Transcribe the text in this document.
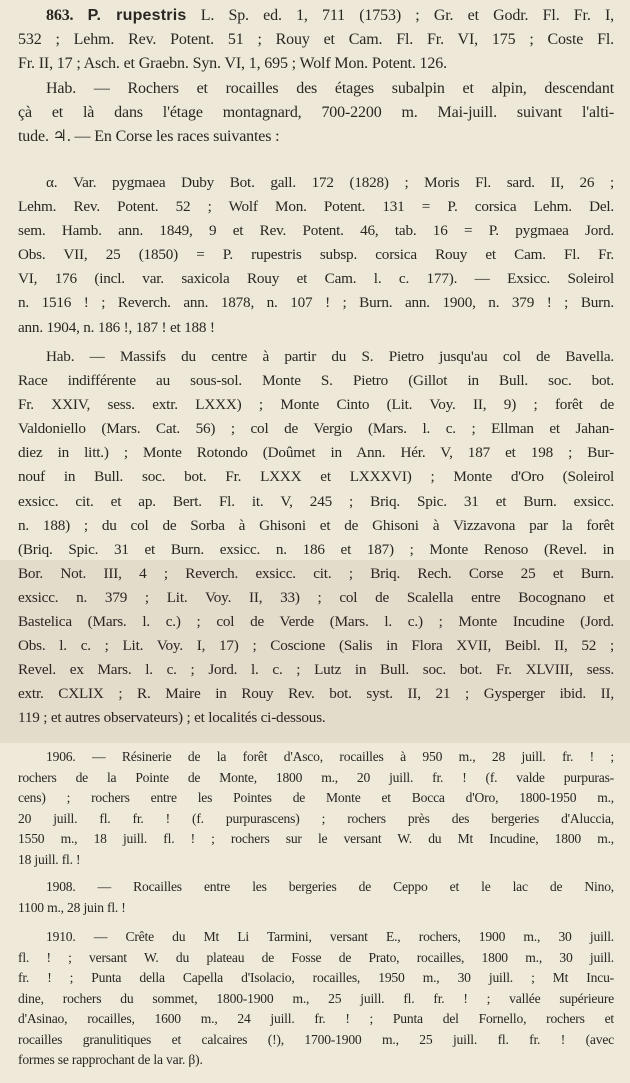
863. P. rupestris L. Sp. ed. 1, 711 (1753) ; Gr. et Godr. Fl. Fr. I,
532 ; Lehm. Rev. Potent. 51 ; Rouy et Cam. Fl. Fr. VI, 175 ; Coste Fl.
Fr. II, 17 ; Asch. et Graebn. Syn. VI, 1, 695 ; Wolf Mon. Potent. 126.
Hab. — Rochers et rocailles des étages subalpin et alpin, descendant
çà et là dans l'étage montagnard, 700-2200 m. Mai-juill. suivant l'alti-
tude. ♃. — En Corse les races suivantes :
α. Var. pygmaea Duby Bot. gall. 172 (1828) ; Moris Fl. sard. II, 26 ;
Lehm. Rev. Potent. 52 ; Wolf Mon. Potent. 131 = P. corsica Lehm. Del.
sem. Hamb. ann. 1849, 9 et Rev. Potent. 46, tab. 16 = P. pygmaea Jord.
Obs. VII, 25 (1850) = P. rupestris subsp. corsica Rouy et Cam. Fl. Fr.
VI, 176 (incl. var. saxicola Rouy et Cam. l. c. 177). — Exsicc. Soleirol
n. 1516 ! ; Reverch. ann. 1878, n. 107 ! ; Burn. ann. 1900, n. 379 ! ; Burn.
ann. 1904, n. 186 !, 187 ! et 188 !
Hab. — Massifs du centre à partir du S. Pietro jusqu'au col de Bavella.
Race indifférente au sous-sol. Monte S. Pietro (Gillot in Bull. soc. bot.
Fr. XXIV, sess. extr. LXXX) ; Monte Cinto (Lit. Voy. II, 9) ; forêt de
Valdoniello (Mars. Cat. 56) ; col de Vergio (Mars. l. c. ; Ellman et Jahan-
diez in litt.) ; Monte Rotondo (Doûmet in Ann. Hér. V, 187 et 198 ; Bur-
nouf in Bull. soc. bot. Fr. LXXX et LXXXVI) ; Monte d'Oro (Soleirol
exsicc. cit. et ap. Bert. Fl. it. V, 245 ; Briq. Spic. 31 et Burn. exsicc.
n. 188) ; du col de Sorba à Ghisoni et de Ghisoni à Vizzavona par la forêt
(Briq. Spic. 31 et Burn. exsicc. n. 186 et 187) ; Monte Renoso (Revel. in
Bor. Not. III, 4 ; Reverch. exsicc. cit. ; Briq. Rech. Corse 25 et Burn.
exsicc. n. 379 ; Lit. Voy. II, 33) ; col de Scalella entre Bocognano et
Bastelica (Mars. l. c.) ; col de Verde (Mars. l. c.) ; Monte Incudine (Jord.
Obs. l. c. ; Lit. Voy. I, 17) ; Coscione (Salis in Flora XVII, Beibl. II, 52 ;
Revel. ex Mars. l. c. ; Jord. l. c. ; Lutz in Bull. soc. bot. Fr. XLVIII, sess.
extr. CXLIX ; R. Maire in Rouy Rev. bot. syst. II, 21 ; Gysperger ibid. II,
119 ; et autres observateurs) ; et localités ci-dessous.
1906. — Résinerie de la forêt d'Asco, rocailles à 950 m., 28 juill. fr. ! ;
rochers de la Pointe de Monte, 1800 m., 20 juill. fr. ! (f. valde purpuras-
cens) ; rochers entre les Pointes de Monte et Bocca d'Oro, 1800-1950 m.,
20 juill. fl. fr. ! (f. purpurascens) ; rochers près des bergeries d'Aluccia,
1550 m., 18 juill. fl. ! ; rochers sur le versant W. du Mt Incudine, 1800 m.,
18 juill. fl. !
1908. — Rocailles entre les bergeries de Ceppo et le lac de Nino,
1100 m., 28 juin fl. !
1910. — Crête du Mt Li Tarmini, versant E., rochers, 1900 m., 30 juill.
fl. ! ; versant W. du plateau de Fosse de Prato, rocailles, 1800 m., 30 juill.
fr. ! ; Punta della Capella d'Isolacio, rocailles, 1950 m., 30 juill. ; Mt Incu-
dine, rochers du sommet, 1800-1900 m., 25 juill. fl. fr. ! ; vallée supérieure
d'Asinao, rocailles, 1600 m., 24 juill. fr. ! ; Punta del Fornello, rochers et
rocailles granulitiques et calcaires (!), 1700-1900 m., 25 juill. fl. fr. ! (avec
formes se rapprochant de la var. β).
